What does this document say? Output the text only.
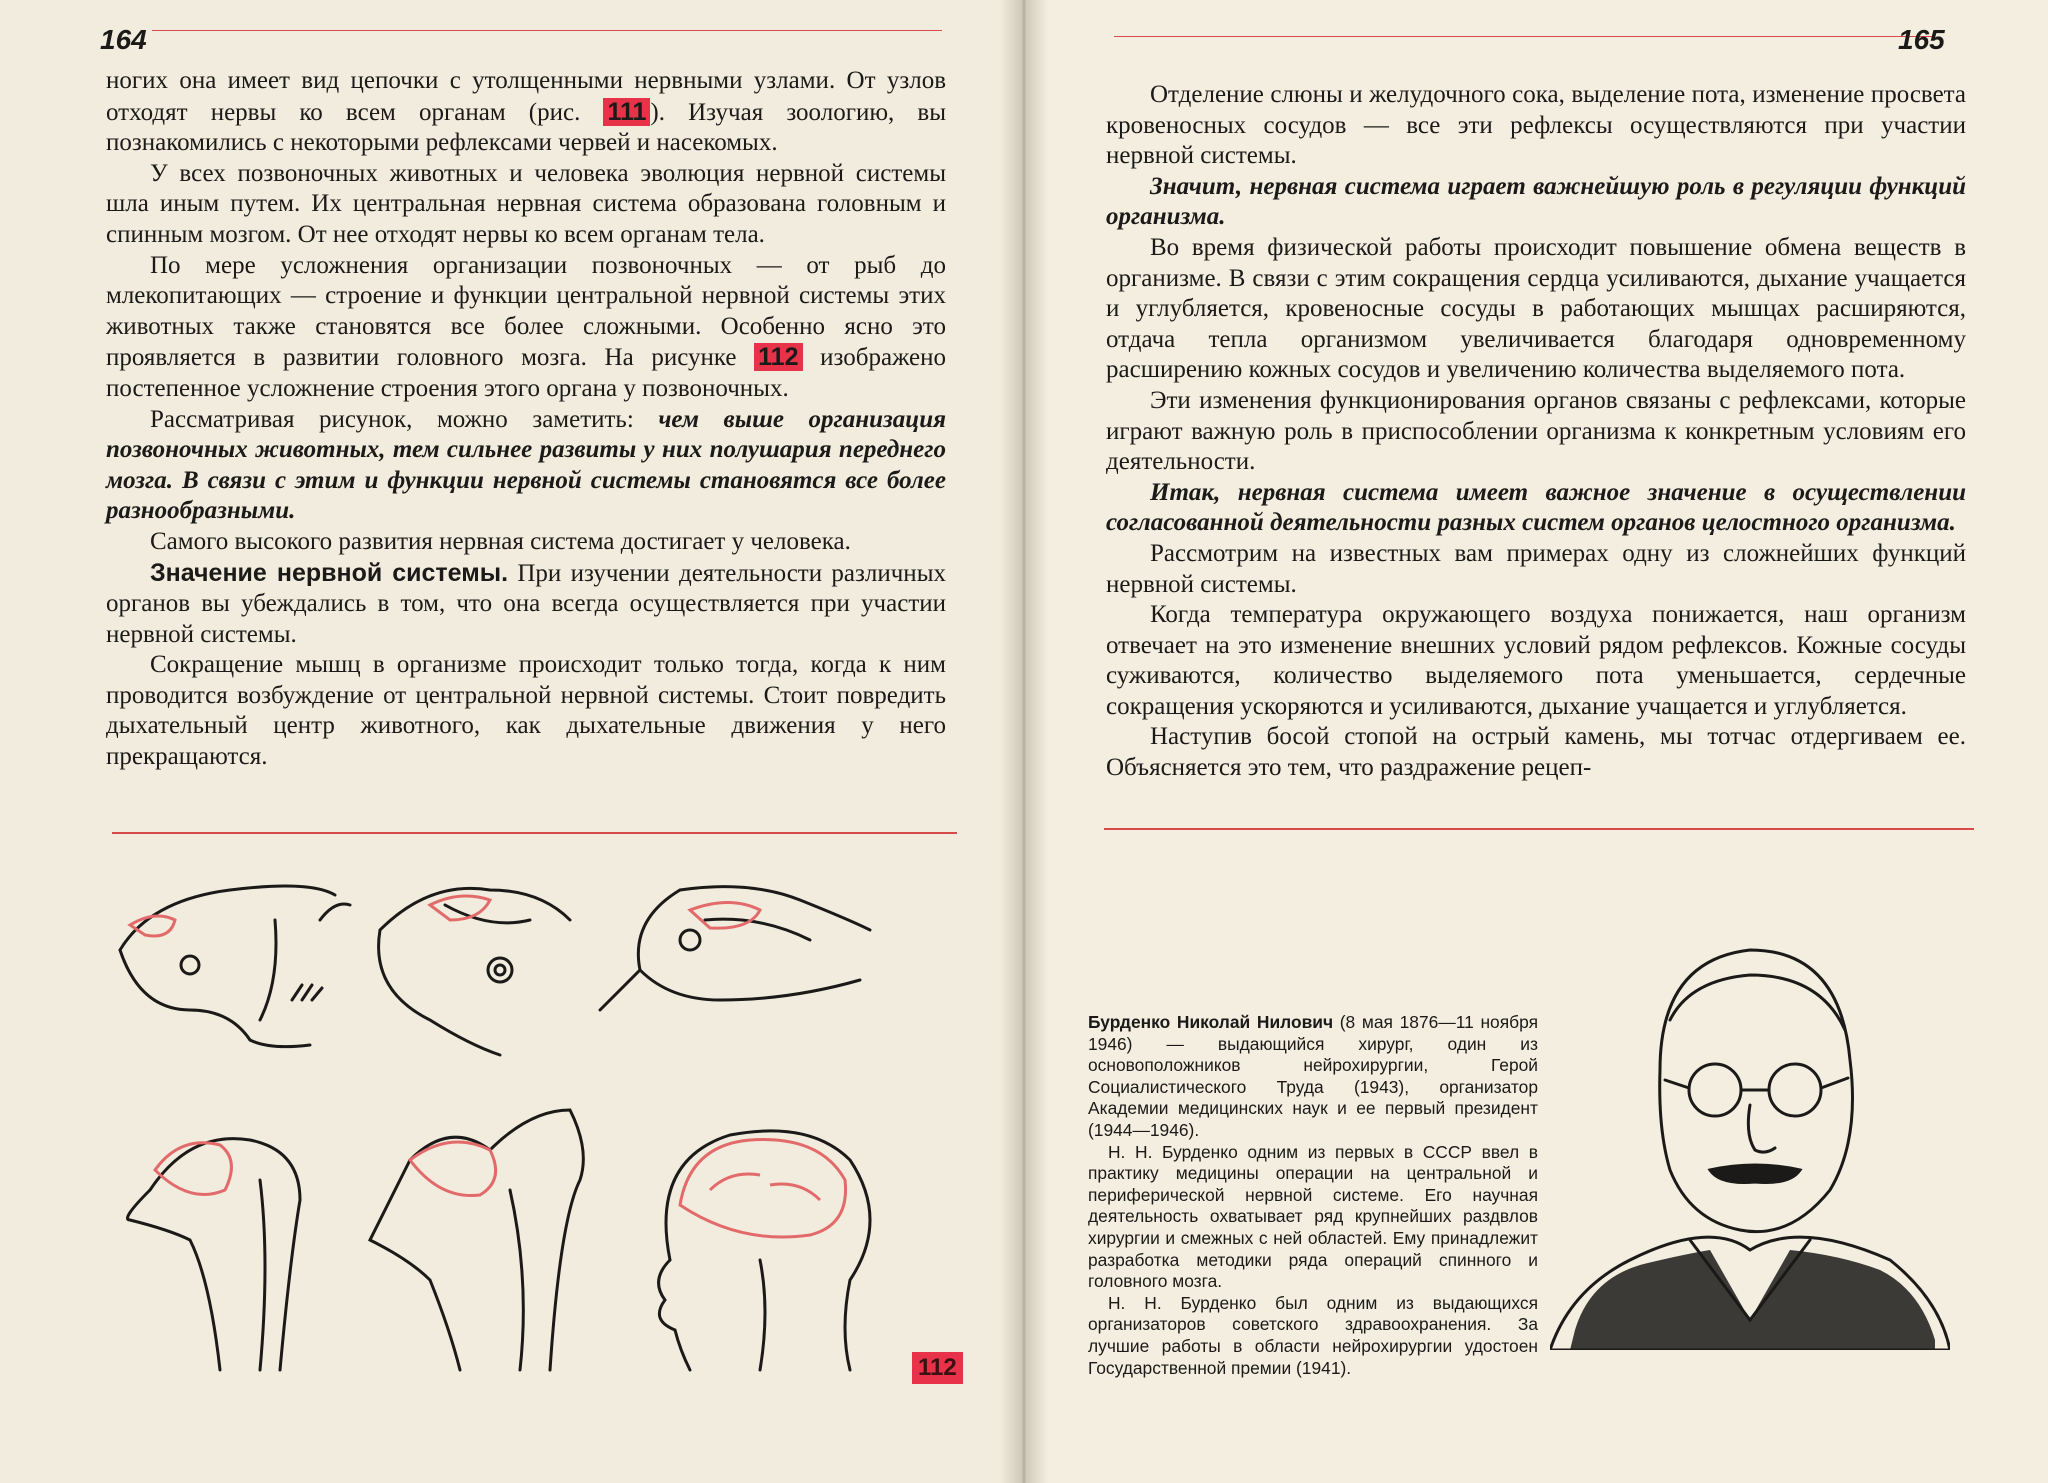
164

ногих она имеет вид цепочки с утолщенными нервными узлами. От узлов отходят нервы ко всем органам (рис. 111 ). Изучая зоологию, вы познакомились с некоторыми рефлексами червей и насекомых.

У всех позвоночных животных и человека эволюция нервной системы шла иным путем. Их центральная нервная система образована головным и спинным мозгом. От нее отходят нервы ко всем органам тела.

По мере усложнения организации позвоночных — от рыб до млекопитающих — строение и функции центральной нервной системы этих животных также становятся все более сложными. Особенно ясно это проявляется в развитии головного мозга. На рисунке 112 изображено постепенное усложнение строения этого органа у позвоночных.

Рассматривая рисунок, можно заметить: чем выше организация позвоночных животных, тем сильнее развиты у них полушария переднего мозга. В связи с этим и функции нервной системы становятся все более разнообразными.

Самого высокого развития нервная система достигает у человека.

Значение нервной системы. При изучении деятельности различных органов вы убеждались в том, что она всегда осуществляется при участии нервной системы.

Сокращение мышц в организме происходит только тогда, когда к ним проводится возбуждение от центральной нервной системы. Стоит повредить дыхательный центр животного, как дыхательные движения у него прекращаются.

112
165

Отделение слюны и желудочного сока, выделение пота, изменение просвета кровеносных сосудов — все эти рефлексы осуществляются при участии нервной системы.

Значит, нервная система играет важнейшую роль в регуляции функций организма.

Во время физической работы происходит повышение обмена веществ в организме. В связи с этим сокращения сердца усиливаются, дыхание учащается и углубляется, кровеносные сосуды в работающих мышцах расширяются, отдача тепла организмом увеличивается благодаря одновременному расширению кожных сосудов и увеличению количества выделяемого пота.

Эти изменения функционирования органов связаны с рефлексами, которые играют важную роль в приспособлении организма к конкретным условиям его деятельности.

Итак, нервная система имеет важное значение в осуществлении согласованной деятельности разных систем органов целостного организма.

Рассмотрим на известных вам примерах одну из сложнейших функций нервной системы.

Когда температура окружающего воздуха понижается, наш организм отвечает на это изменение внешних условий рядом рефлексов. Кожные сосуды суживаются, количество выделяемого пота уменьшается, сердечные сокращения ускоряются и усиливаются, дыхание учащается и углубляется.

Наступив босой стопой на острый камень, мы тотчас отдергиваем ее. Объясняется это тем, что раздражение рецеп-

Бурденко Николай Нилович (8 мая 1876—11 ноября 1946) — выдающийся хирург, один из основоположников нейрохирургии, Герой Социалистического Труда (1943), организатор Академии медицинских наук и ее первый президент (1944—1946).

Н. Н. Бурденко одним из первых в СССР ввел в практику медицины операции на центральной и периферической нервной системе. Его научная деятельность охватывает ряд крупнейших раздвлов хирургии и смежных с ней областей. Ему принадлежит разработка методики ряда операций спинного и головного мозга.

Н. Н. Бурденко был одним из выдающихся организаторов советского здравоохранения. За лучшие работы в области нейрохирургии удостоен Государственной премии (1941).
